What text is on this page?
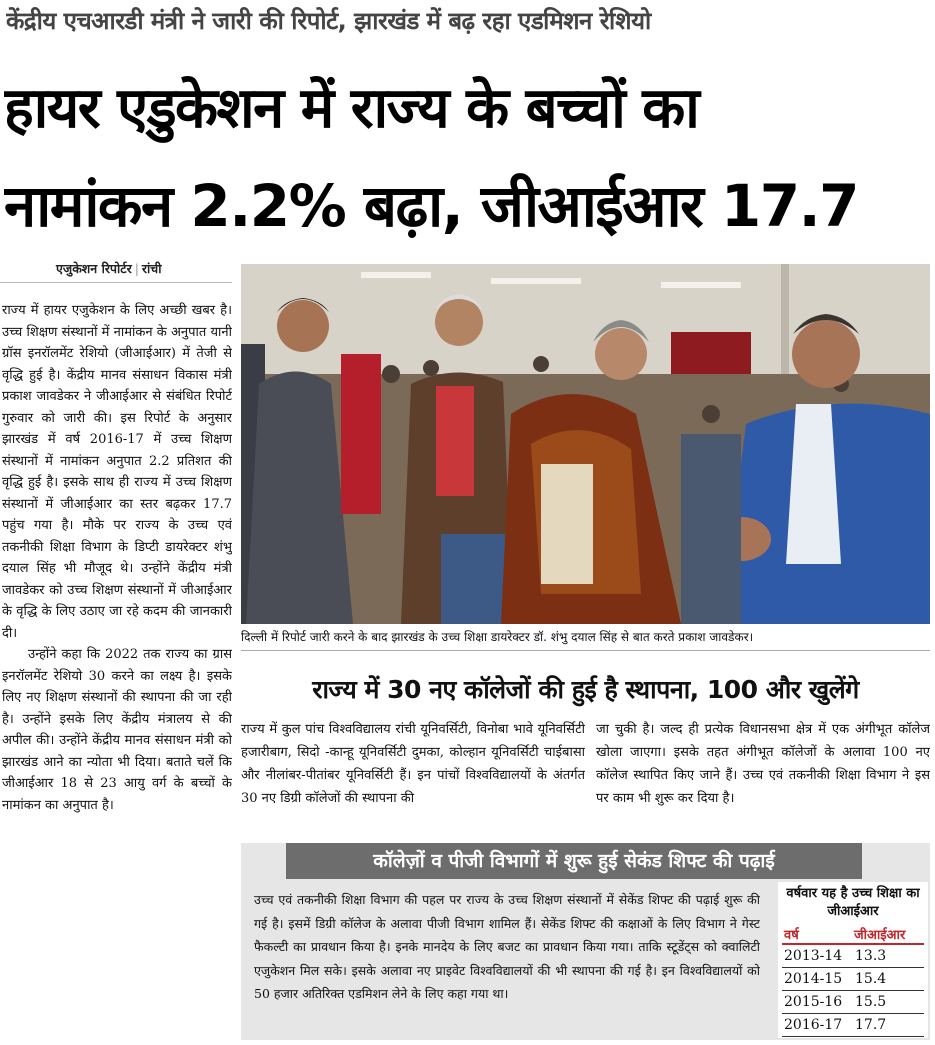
केंद्रीय एचआरडी मंत्री ने जारी की रिपोर्ट, झारखंड में बढ़ रहा एडमिशन रेशियो
हायर एडुकेशन में राज्य के बच्चों का
नामांकन 2.2% बढ़ा, जीआईआर 17.7
एजुकेशन रिपोर्टर | रांची

राज्य में हायर एजुकेशन के लिए अच्छी खबर है। उच्च शिक्षण संस्थानों में नामांकन के अनुपात यानी ग्रॉस इनरॉलमेंट रेशियो (जीआईआर) में तेजी से वृद्धि हुई है। केंद्रीय मानव संसाधन विकास मंत्री प्रकाश जावडेकर ने जीआईआर से संबंधित रिपोर्ट गुरुवार को जारी की। इस रिपोर्ट के अनुसार झारखंड में वर्ष 2016-17 में उच्च शिक्षण संस्थानों में नामांकन अनुपात 2.2 प्रतिशत की वृद्धि हुई है। इसके साथ ही राज्य में उच्च शिक्षण संस्थानों में जीआईआर का स्तर बढ़कर 17.7 पहुंच गया है। मौके पर राज्य के उच्च एवं तकनीकी शिक्षा विभाग के डिप्टी डायरेक्टर शंभु दयाल सिंह भी मौजूद थे। उन्होंने केंद्रीय मंत्री जावडेकर को उच्च शिक्षण संस्थानों में जीआईआर के वृद्धि के लिए उठाए जा रहे कदम की जानकारी दी।

उन्होंने कहा कि 2022 तक राज्य का ग्रास इनरॉलमेंट रेशियो 30 करने का लक्ष्य है। इसके लिए नए शिक्षण संस्थानों की स्थापना की जा रही है। उन्होंने इसके लिए केंद्रीय मंत्रालय से की अपील की। उन्होंने केंद्रीय मानव संसाधन मंत्री को झारखंड आने का न्योता भी दिया। बताते चलें कि जीआईआर 18 से 23 आयु वर्ग के बच्चों के नामांकन का अनुपात है।

दिल्ली में रिपोर्ट जारी करने के बाद झारखंड के उच्च शिक्षा डायरेक्टर डॉ. शंभु दयाल सिंह से बात करते प्रकाश जावडेकर।
राज्य में 30 नए कॉलेजों की हुई है स्थापना, 100 और खुलेंगे
राज्य में कुल पांच विश्वविद्यालय रांची यूनिवर्सिटी, विनोबा भावे यूनिवर्सिटी हजारीबाग, सिदो -कान्हू यूनिवर्सिटी दुमका, कोल्हान यूनिवर्सिटी चाईबासा और नीलांबर-पीतांबर यूनिवर्सिटी हैं। इन पांचों विश्वविद्यालयों के अंतर्गत 30 नए डिग्री कॉलेजों की स्थापना की
जा चुकी है। जल्द ही प्रत्येक विधानसभा क्षेत्र में एक अंगीभूत कॉलेज खोला जाएगा। इसके तहत अंगीभूत कॉलेजों के अलावा 100 नए कॉलेज स्थापित किए जाने हैं। उच्च एवं तकनीकी शिक्षा विभाग ने इस पर काम भी शुरू कर दिया है।
कॉलेज़ों व पीजी विभागों में शुरू हुई सेकंड शिफ्ट की पढ़ाई
उच्च एवं तकनीकी शिक्षा विभाग की पहल पर राज्य के उच्च शिक्षण संस्थानों में सेकेंड शिफ्ट की पढ़ाई शुरू की गई है। इसमें डिग्री कॉलेज के अलावा पीजी विभाग शामिल हैं। सेकेंड शिफ्ट की कक्षाओं के लिए विभाग ने गेस्ट फैकल्टी का प्रावधान किया है। इनके मानदेय के लिए बजट का प्रावधान किया गया। ताकि स्टूडेंट्स को क्वालिटी एजुकेशन मिल सके। इसके अलावा नए प्राइवेट विश्वविद्यालयों की भी स्थापना की गई है। इन विश्वविद्यालयों को 50 हजार अतिरिक्त एडमिशन लेने के लिए कहा गया था।
वर्षवार यह है उच्च शिक्षा का जीआईआर
वर्ष	जीआईआर
2013-14 13.3
2014-15 15.4
2015-16 15.5
2016-17 17.7
